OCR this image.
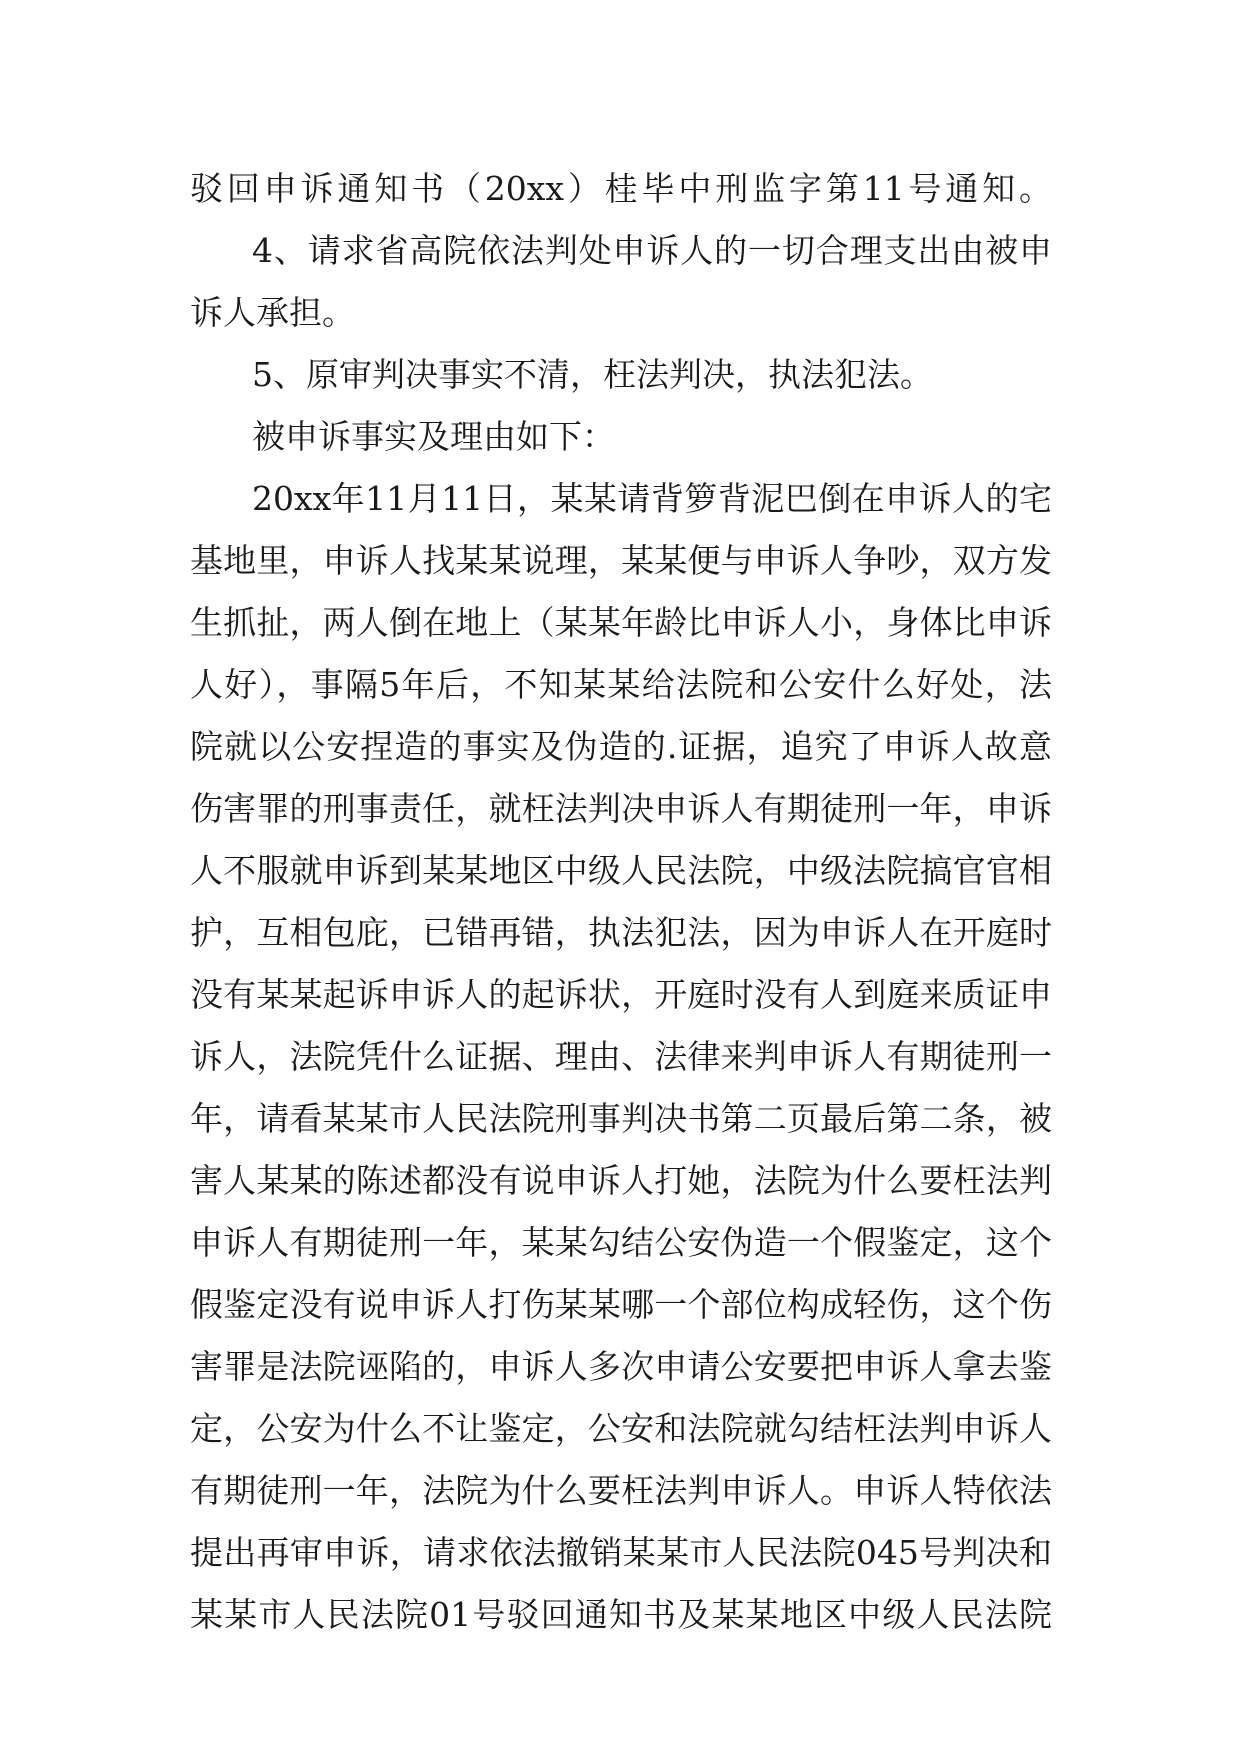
驳回申诉通知书（20xx）桂毕中刑监字第11号通知。
4、请求省高院依法判处申诉人的一切合理支出由被申
诉人承担。
5、原审判决事实不清，枉法判决，执法犯法。
被申诉事实及理由如下：
20xx年11月11日，某某请背箩背泥巴倒在申诉人的宅
基地里，申诉人找某某说理，某某便与申诉人争吵，双方发
生抓扯，两人倒在地上（某某年龄比申诉人小，身体比申诉
人好），事隔5年后，不知某某给法院和公安什么好处，法
院就以公安捏造的事实及伪造的.证据，追究了申诉人故意
伤害罪的刑事责任，就枉法判决申诉人有期徒刑一年，申诉
人不服就申诉到某某地区中级人民法院，中级法院搞官官相
护，互相包庇，已错再错，执法犯法，因为申诉人在开庭时
没有某某起诉申诉人的起诉状，开庭时没有人到庭来质证申
诉人，法院凭什么证据、理由、法律来判申诉人有期徒刑一
年，请看某某市人民法院刑事判决书第二页最后第二条，被
害人某某的陈述都没有说申诉人打她，法院为什么要枉法判
申诉人有期徒刑一年，某某勾结公安伪造一个假鉴定，这个
假鉴定没有说申诉人打伤某某哪一个部位构成轻伤，这个伤
害罪是法院诬陷的，申诉人多次申请公安要把申诉人拿去鉴
定，公安为什么不让鉴定，公安和法院就勾结枉法判申诉人
有期徒刑一年，法院为什么要枉法判申诉人。申诉人特依法
提出再审申诉，请求依法撤销某某市人民法院045号判决和
某某市人民法院01号驳回通知书及某某地区中级人民法院
